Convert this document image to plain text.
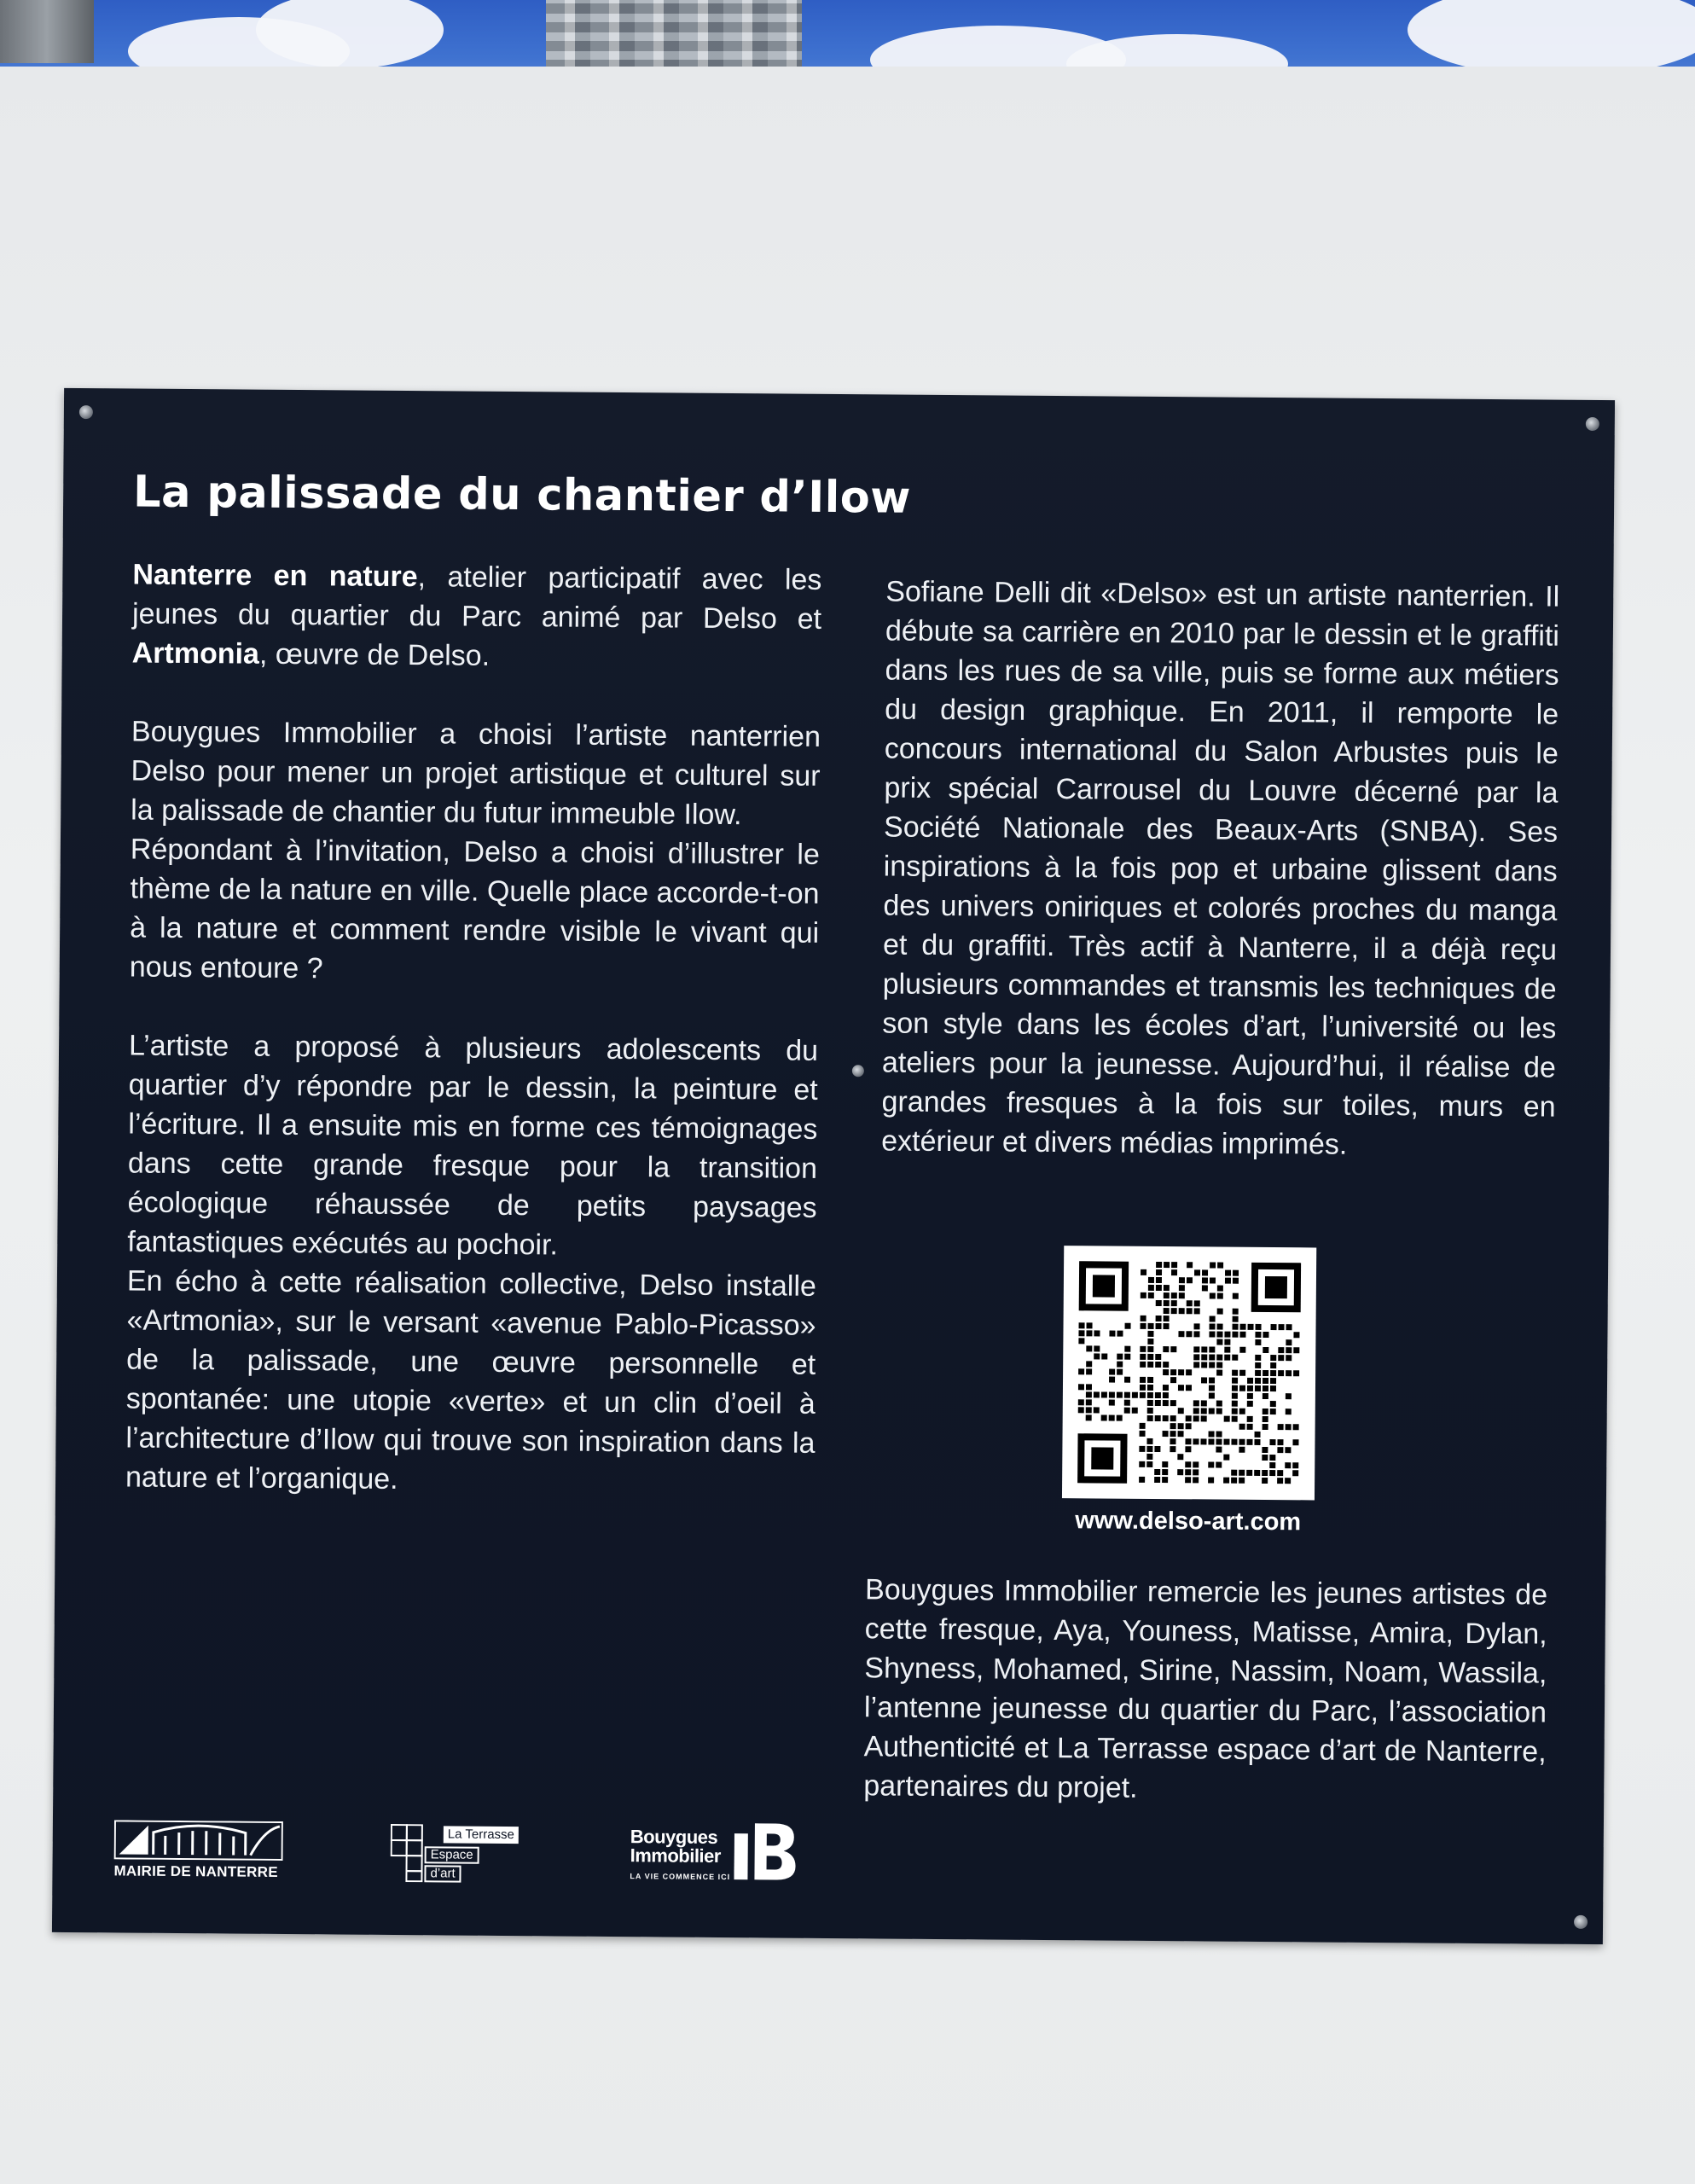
La palissade du chantier d’Ilow

Nanterre en nature, atelier participatif avec les jeunes du quartier du Parc animé par Delso et Artmonia, œuvre de Delso.

Bouygues Immobilier a choisi l’artiste nanterrien Delso pour mener un projet artistique et culturel sur la palissade de chantier du futur immeuble Ilow.

Répondant à l’invitation, Delso a choisi d’illustrer le thème de la nature en ville. Quelle place accorde-t-on à la nature et comment rendre visible le vivant qui nous entoure ?

L’artiste a proposé à plusieurs adolescents du quartier d’y répondre par le dessin, la peinture et l’écriture. Il a ensuite mis en forme ces témoignages dans cette grande fresque pour la transition écologique réhaussée de petits paysages fantastiques exécutés au pochoir.

En écho à cette réalisation collective, Delso installe «Artmonia», sur le versant «avenue Pablo-Picasso» de la palissade, une œuvre personnelle et spontanée: une utopie «verte» et un clin d’oeil à l’architecture d’Ilow qui trouve son inspiration dans la nature et l’organique.

Sofiane Delli dit «Delso» est un artiste nanterrien. Il débute sa carrière en 2010 par le dessin et le graffiti dans les rues de sa ville, puis se forme aux métiers du design graphique. En 2011, il remporte le concours international du Salon Arbustes puis le prix spécial Carrousel du Louvre décerné par la Société Nationale des Beaux-Arts (SNBA). Ses inspirations à la fois pop et urbaine glissent dans des univers oniriques et colorés proches du manga et du graffiti. Très actif à Nanterre, il a déjà reçu plusieurs commandes et transmis les techniques de son style dans les écoles d’art, l’université ou les ateliers pour la jeunesse. Aujourd’hui, il réalise de grandes fresques à la fois sur toiles, murs en extérieur et divers médias imprimés.

www.delso-art.com

Bouygues Immobilier remercie les jeunes artistes de cette fresque, Aya, Youness, Matisse, Amira, Dylan, Shyness, Mohamed, Sirine, Nassim, Noam, Wassila, l’antenne jeunesse du quartier du Parc, l’association Authenticité et La Terrasse espace d’art de Nanterre, partenaires du projet.

MAIRIE DE NANTERRE
La Terrasse
Espace
d’art
Bouygues
Immobilier
LA VIE COMMENCE ICI
